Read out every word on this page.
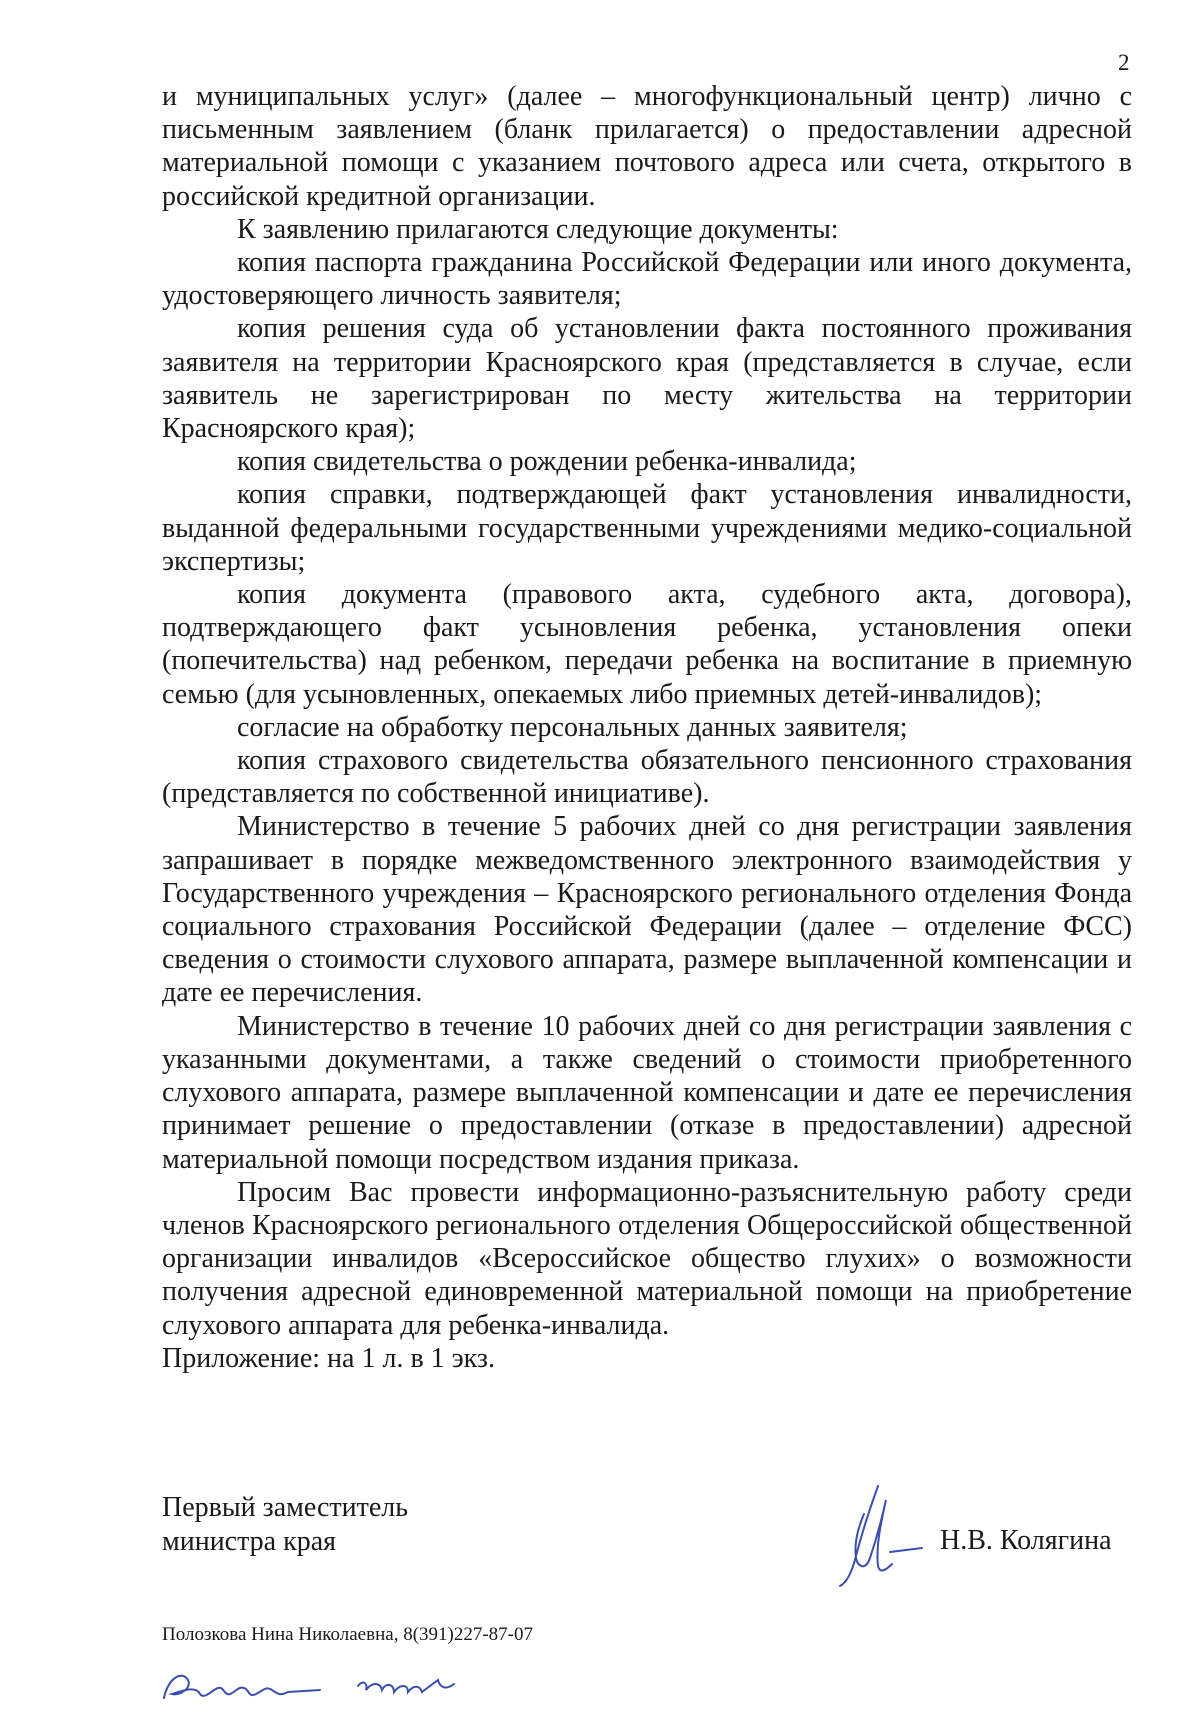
2

и муниципальных услуг» (далее – многофункциональный центр) лично с письменным заявлением (бланк прилагается) о предоставлении адресной материальной помощи с указанием почтового адреса или счета, открытого в российской кредитной организации.

К заявлению прилагаются следующие документы:

копия паспорта гражданина Российской Федерации или иного документа, удостоверяющего личность заявителя;

копия решения суда об установлении факта постоянного проживания заявителя на территории Красноярского края (представляется в случае, если заявитель не зарегистрирован по месту жительства на территории Красноярского края);

копия свидетельства о рождении ребенка-инвалида;

копия справки, подтверждающей факт установления инвалидности, выданной федеральными государственными учреждениями медико-социальной экспертизы;

копия документа (правового акта, судебного акта, договора), подтверждающего факт усыновления ребенка, установления опеки (попечительства) над ребенком, передачи ребенка на воспитание в приемную семью (для усыновленных, опекаемых либо приемных детей-инвалидов);

согласие на обработку персональных данных заявителя;

копия страхового свидетельства обязательного пенсионного страхования (представляется по собственной инициативе).

Министерство в течение 5 рабочих дней со дня регистрации заявления запрашивает в порядке межведомственного электронного взаимодействия у Государственного учреждения – Красноярского регионального отделения Фонда социального страхования Российской Федерации (далее – отделение ФСС) сведения о стоимости слухового аппарата, размере выплаченной компенсации и дате ее перечисления.

Министерство в течение 10 рабочих дней со дня регистрации заявления с указанными документами, а также сведений о стоимости приобретенного слухового аппарата, размере выплаченной компенсации и дате ее перечисления принимает решение о предоставлении (отказе в предоставлении) адресной материальной помощи посредством издания приказа.

Просим Вас провести информационно-разъяснительную работу среди членов Красноярского регионального отделения Общероссийской общественной организации инвалидов «Всероссийское общество глухих» о возможности получения адресной единовременной материальной помощи на приобретение слухового аппарата для ребенка-инвалида.

Приложение: на 1 л. в 1 экз.

Первый заместитель
министра края	Н.В. Колягина
Полозкова Нина Николаевна, 8(391)227-87-07
